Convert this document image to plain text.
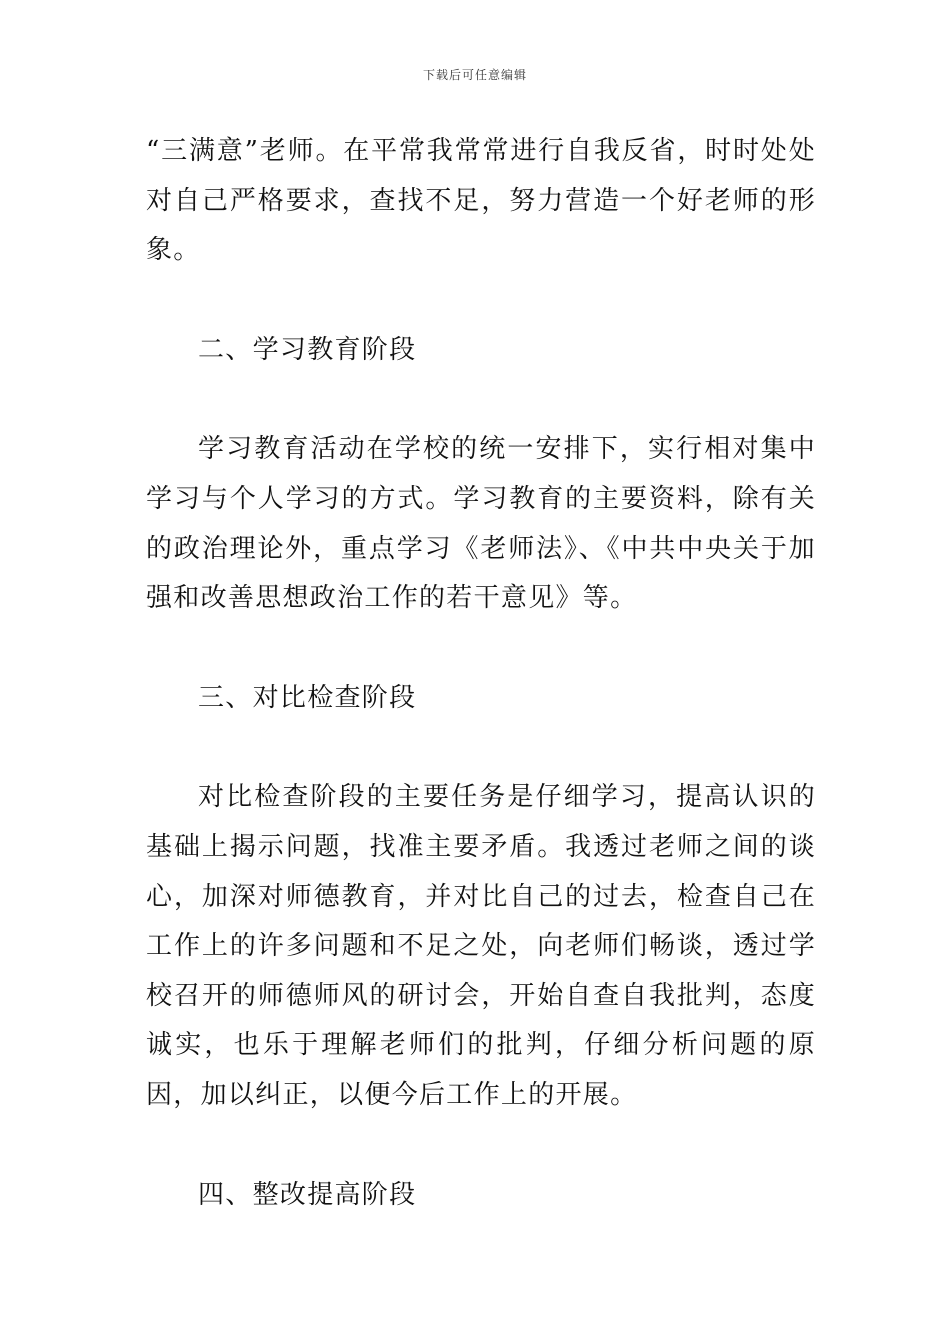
下载后可任意编辑

“三满意”老师。在平常我常常进行自我反省，时时处处对自己严格要求，查找不足，努力营造一个好老师的形象。

二、学习教育阶段

学习教育活动在学校的统一安排下，实行相对集中学习与个人学习的方式。学习教育的主要资料，除有关的政治理论外，重点学习《老师法》、《中共中央关于加强和改善思想政治工作的若干意见》等。

三、对比检查阶段

对比检查阶段的主要任务是仔细学习，提高认识的基础上揭示问题，找准主要矛盾。我透过老师之间的谈心，加深对师德教育，并对比自己的过去，检查自己在工作上的许多问题和不足之处，向老师们畅谈，透过学校召开的师德师风的研讨会，开始自查自我批判，态度诚实，也乐于理解老师们的批判，仔细分析问题的原因，加以纠正，以便今后工作上的开展。

四、整改提高阶段
